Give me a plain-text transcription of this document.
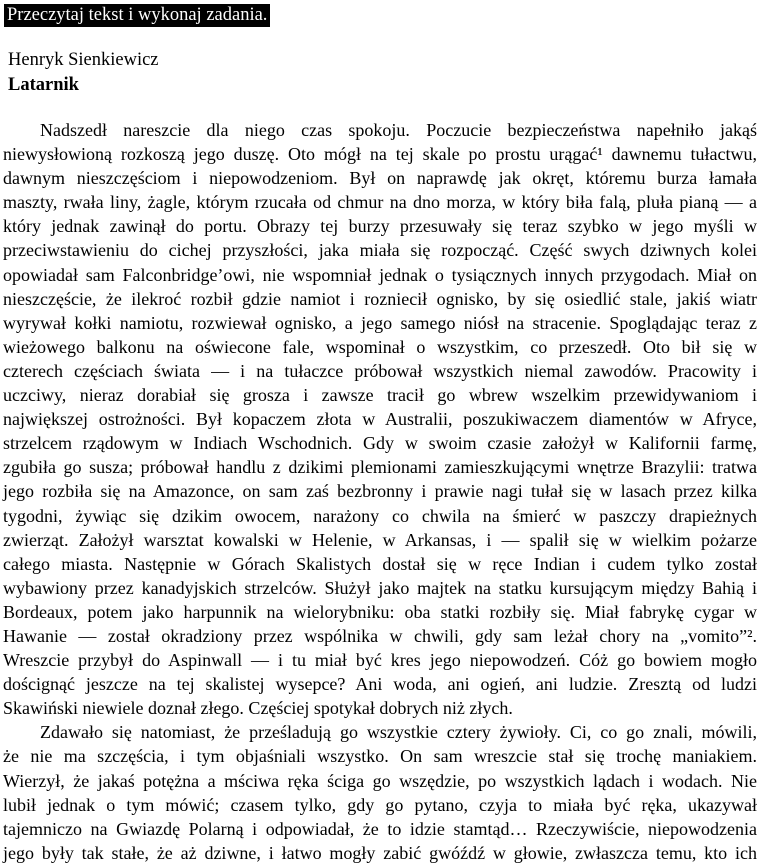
Przeczytaj tekst i wykonaj zadania.
Henryk Sienkiewicz
Latarnik
Nadszedł nareszcie dla niego czas spokoju. Poczucie bezpieczeństwa napełniło jakąś
niewysłowioną rozkoszą jego duszę. Oto mógł na tej skale po prostu urągać¹ dawnemu tułactwu,
dawnym nieszczęściom i niepowodzeniom. Był on naprawdę jak okręt, któremu burza łamała
maszty, rwała liny, żagle, którym rzucała od chmur na dno morza, w który biła falą, pluła pianą — a
który jednak zawinął do portu. Obrazy tej burzy przesuwały się teraz szybko w jego myśli w
przeciwstawieniu do cichej przyszłości, jaka miała się rozpocząć. Część swych dziwnych kolei
opowiadał sam Falconbridge’owi, nie wspomniał jednak o tysiącznych innych przygodach. Miał on
nieszczęście, że ilekroć rozbił gdzie namiot i rozniecił ognisko, by się osiedlić stale, jakiś wiatr
wyrywał kołki namiotu, rozwiewał ognisko, a jego samego niósł na stracenie. Spoglądając teraz z
wieżowego balkonu na oświecone fale, wspominał o wszystkim, co przeszedł. Oto bił się w
czterech częściach świata — i na tułaczce próbował wszystkich niemal zawodów. Pracowity i
uczciwy, nieraz dorabiał się grosza i zawsze tracił go wbrew wszelkim przewidywaniom i
największej ostrożności. Był kopaczem złota w Australii, poszukiwaczem diamentów w Afryce,
strzelcem rządowym w Indiach Wschodnich. Gdy w swoim czasie założył w Kalifornii farmę,
zgubiła go susza; próbował handlu z dzikimi plemionami zamieszkującymi wnętrze Brazylii: tratwa
jego rozbiła się na Amazonce, on sam zaś bezbronny i prawie nagi tułał się w lasach przez kilka
tygodni, żywiąc się dzikim owocem, narażony co chwila na śmierć w paszczy drapieżnych
zwierząt. Założył warsztat kowalski w Helenie, w Arkansas, i — spalił się w wielkim pożarze
całego miasta. Następnie w Górach Skalistych dostał się w ręce Indian i cudem tylko został
wybawiony przez kanadyjskich strzelców. Służył jako majtek na statku kursującym między Bahią i
Bordeaux, potem jako harpunnik na wielorybniku: oba statki rozbiły się. Miał fabrykę cygar w
Hawanie — został okradziony przez wspólnika w chwili, gdy sam leżał chory na „vomito”².
Wreszcie przybył do Aspinwall — i tu miał być kres jego niepowodzeń. Cóż go bowiem mogło
doścignąć jeszcze na tej skalistej wysepce? Ani woda, ani ogień, ani ludzie. Zresztą od ludzi
Skawiński niewiele doznał złego. Częściej spotykał dobrych niż złych.
Zdawało się natomiast, że prześladują go wszystkie cztery żywioły. Ci, co go znali, mówili,
że nie ma szczęścia, i tym objaśniali wszystko. On sam wreszcie stał się trochę maniakiem.
Wierzył, że jakaś potężna a mściwa ręka ściga go wszędzie, po wszystkich lądach i wodach. Nie
lubił jednak o tym mówić; czasem tylko, gdy go pytano, czyja to miała być ręka, ukazywał
tajemniczo na Gwiazdę Polarną i odpowiadał, że to idzie stamtąd… Rzeczywiście, niepowodzenia
jego były tak stałe, że aż dziwne, i łatwo mogły zabić gwóźdź w głowie, zwłaszcza temu, kto ich
